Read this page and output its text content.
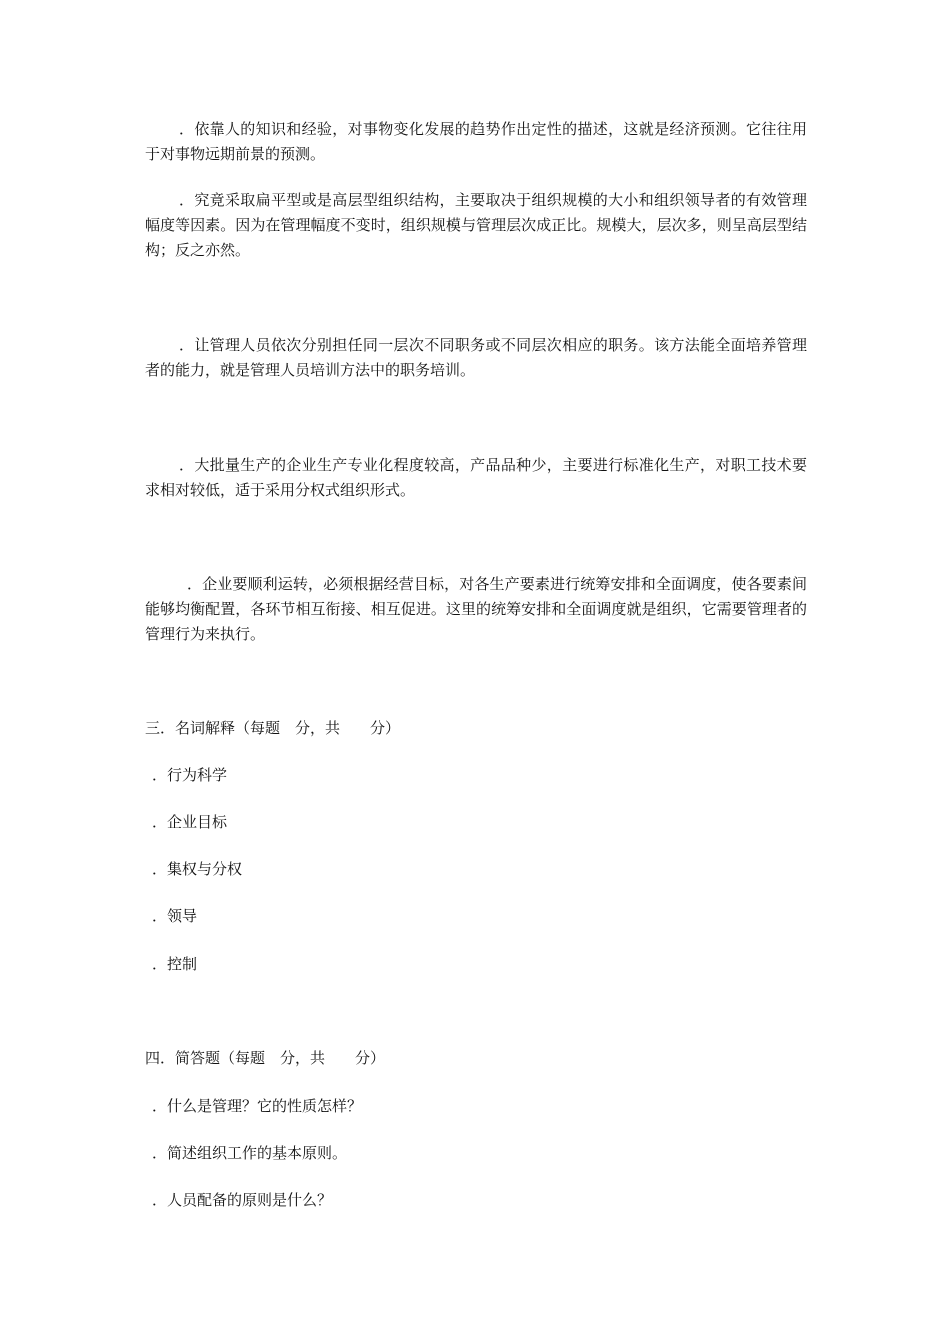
．依靠人的知识和经验，对事物变化发展的趋势作出定性的描述，这就是经济预测。它往往用于对事物远期前景的预测。

．究竟采取扁平型或是高层型组织结构，主要取决于组织规模的大小和组织领导者的有效管理幅度等因素。因为在管理幅度不变时，组织规模与管理层次成正比。规模大，层次多，则呈高层型结构；反之亦然。

．让管理人员依次分别担任同一层次不同职务或不同层次相应的职务。该方法能全面培养管理者的能力，就是管理人员培训方法中的职务培训。

．大批量生产的企业生产专业化程度较高，产品品种少，主要进行标准化生产，对职工技术要求相对较低，适于采用分权式组织形式。

．企业要顺利运转，必须根据经营目标，对各生产要素进行统筹安排和全面调度，使各要素间能够均衡配置，各环节相互衔接、相互促进。这里的统筹安排和全面调度就是组织，它需要管理者的管理行为来执行。

三．名词解释（每题　分，共　　分）

．行为科学

．企业目标

．集权与分权

．领导

．控制

四．简答题（每题　分，共　　分）

．什么是管理？它的性质怎样？

．简述组织工作的基本原则。

．人员配备的原则是什么？
